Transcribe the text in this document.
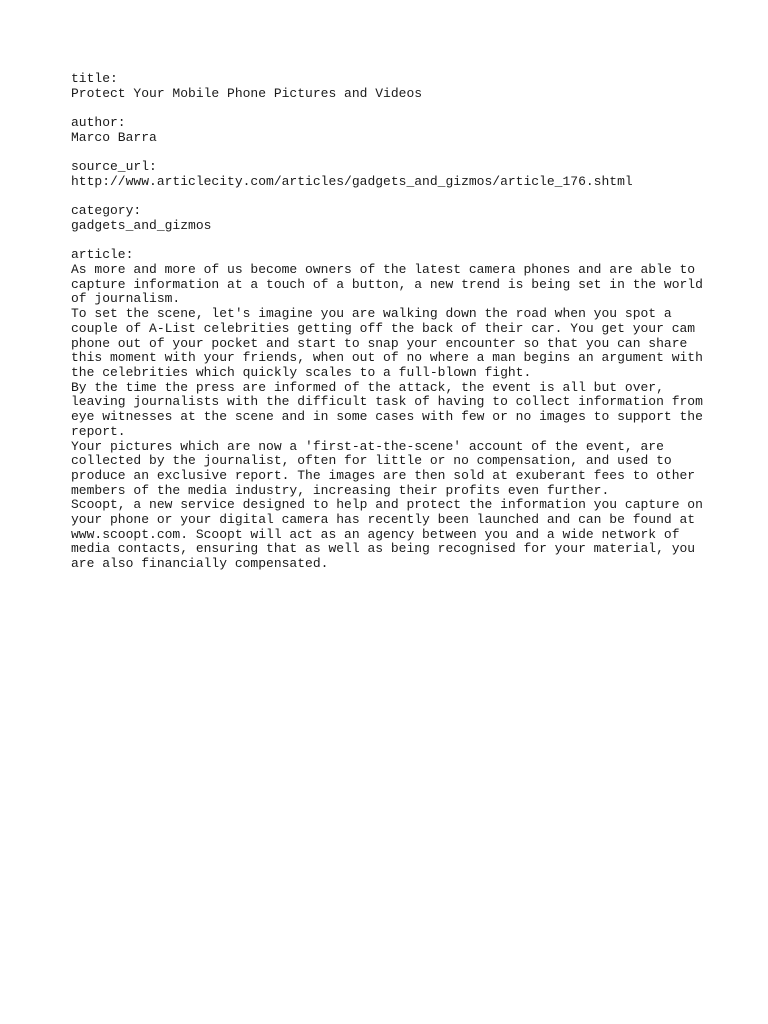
title:
Protect Your Mobile Phone Pictures and Videos
author:
Marco Barra
source_url:
http://www.articlecity.com/articles/gadgets_and_gizmos/article_176.shtml
category:
gadgets_and_gizmos
article:
As more and more of us become owners of the latest camera phones and are able to
capture information at a touch of a button, a new trend is being set in the world
of journalism.
To set the scene, let's imagine you are walking down the road when you spot a
couple of A-List celebrities getting off the back of their car. You get your cam
phone out of your pocket and start to snap your encounter so that you can share
this moment with your friends, when out of no where a man begins an argument with
the celebrities which quickly scales to a full-blown fight.
By the time the press are informed of the attack, the event is all but over,
leaving journalists with the difficult task of having to collect information from
eye witnesses at the scene and in some cases with few or no images to support the
report.
Your pictures which are now a 'first-at-the-scene' account of the event, are
collected by the journalist, often for little or no compensation, and used to
produce an exclusive report. The images are then sold at exuberant fees to other
members of the media industry, increasing their profits even further.
Scoopt, a new service designed to help and protect the information you capture on
your phone or your digital camera has recently been launched and can be found at
www.scoopt.com. Scoopt will act as an agency between you and a wide network of
media contacts, ensuring that as well as being recognised for your material, you
are also financially compensated.
